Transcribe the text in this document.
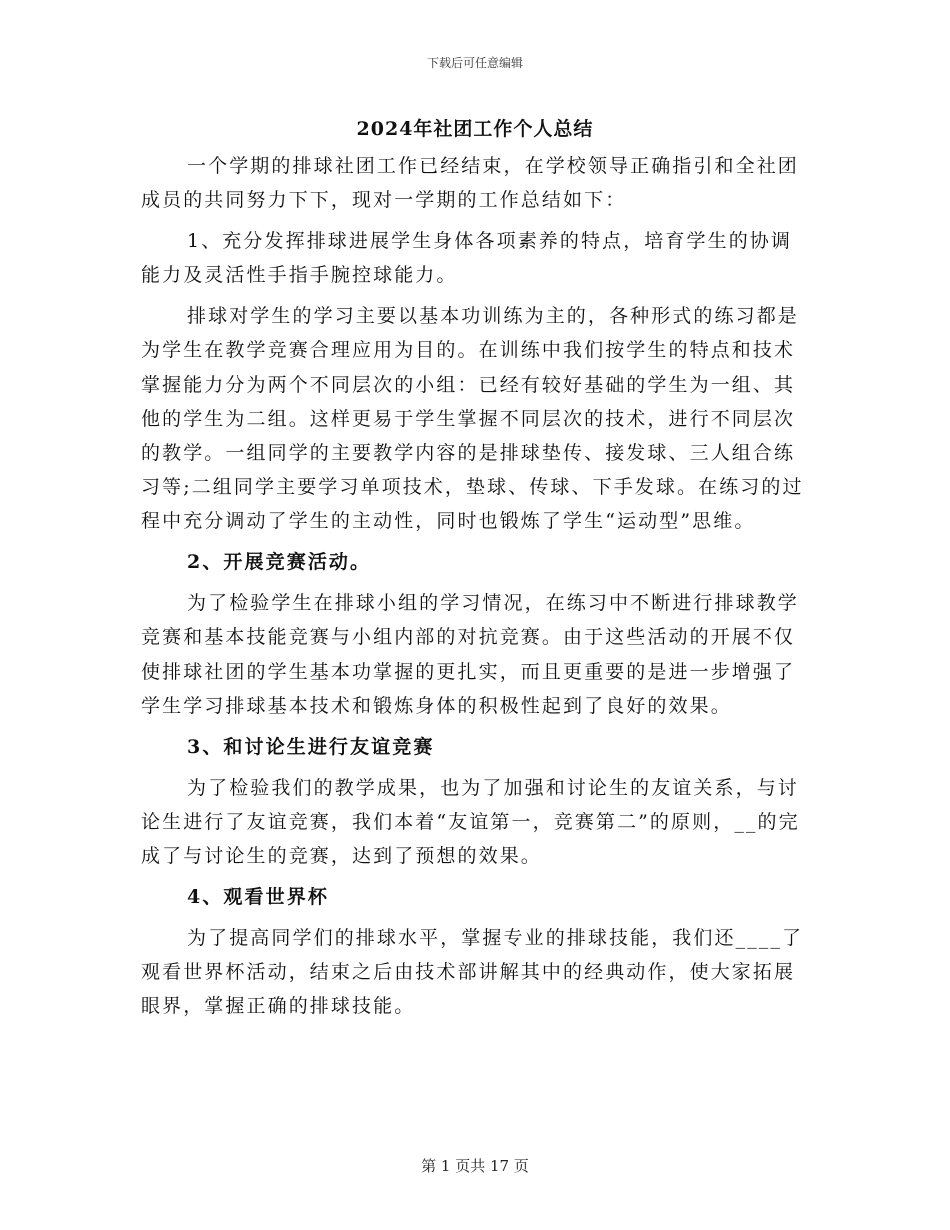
下载后可任意编辑
2024年社团工作个人总结

一个学期的排球社团工作已经结束，在学校领导正确指引和全社团成员的共同努力下下，现对一学期的工作总结如下：

1、充分发挥排球进展学生身体各项素养的特点，培育学生的协调能力及灵活性手指手腕控球能力。

排球对学生的学习主要以基本功训练为主的，各种形式的练习都是为学生在教学竞赛合理应用为目的。在训练中我们按学生的特点和技术掌握能力分为两个不同层次的小组：已经有较好基础的学生为一组、其他的学生为二组。这样更易于学生掌握不同层次的技术，进行不同层次的教学。一组同学的主要教学内容的是排球垫传、接发球、三人组合练习等;二组同学主要学习单项技术，垫球、传球、下手发球。在练习的过程中充分调动了学生的主动性，同时也锻炼了学生“运动型”思维。

2、开展竞赛活动。

为了检验学生在排球小组的学习情况，在练习中不断进行排球教学竞赛和基本技能竞赛与小组内部的对抗竞赛。由于这些活动的开展不仅使排球社团的学生基本功掌握的更扎实，而且更重要的是进一步增强了学生学习排球基本技术和锻炼身体的积极性起到了良好的效果。

3、和讨论生进行友谊竞赛

为了检验我们的教学成果，也为了加强和讨论生的友谊关系，与讨论生进行了友谊竞赛，我们本着“友谊第一，竞赛第二”的原则，__的完成了与讨论生的竞赛，达到了预想的效果。

4、观看世界杯

为了提高同学们的排球水平，掌握专业的排球技能，我们还____了观看世界杯活动，结束之后由技术部讲解其中的经典动作，使大家拓展眼界，掌握正确的排球技能。

第 1 页共 17 页
